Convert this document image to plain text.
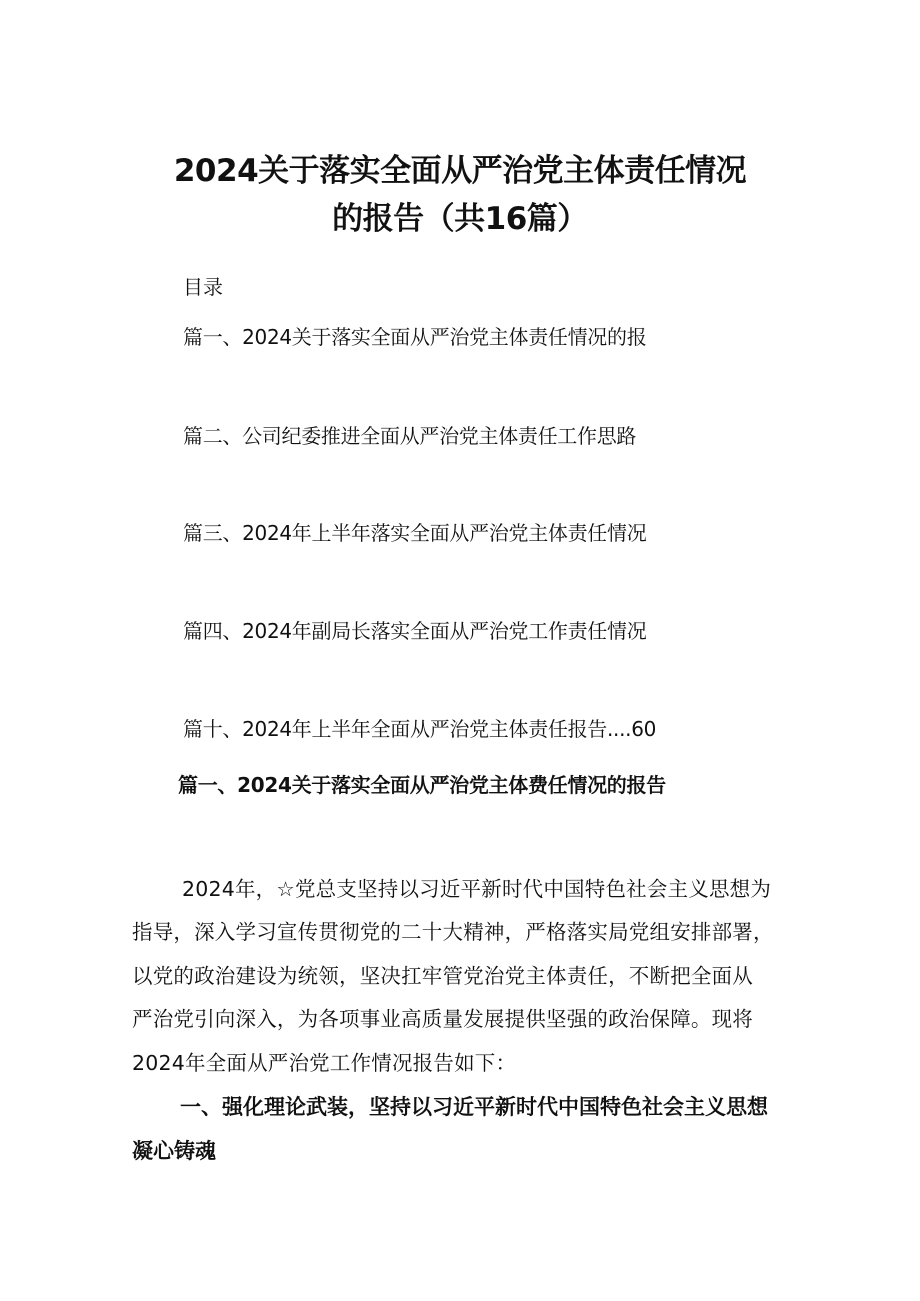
2024关于落实全面从严治党主体责任情况
的报告（共16篇）
目录
篇一、2024关于落实全面从严治党主体责任情况的报
篇二、公司纪委推进全面从严治党主体责任工作思路
篇三、2024年上半年落实全面从严治党主体责任情况
篇四、2024年副局长落实全面从严治党工作责任情况
篇十、2024年上半年全面从严治党主体责任报告....60
篇一、2024关于落实全面从严治党主体费任情况的报告
2024年，☆党总支坚持以习近平新时代中国特色社会主义思想为
指导，深入学习宣传贯彻党的二十大精神，严格落实局党组安排部署，
以党的政治建设为统领，坚决扛牢管党治党主体责任，不断把全面从
严治党引向深入，为各项事业高质量发展提供坚强的政治保障。现将
2024年全面从严治党工作情况报告如下：
一、强化理论武装，坚持以习近平新时代中国特色社会主义思想
凝心铸魂
